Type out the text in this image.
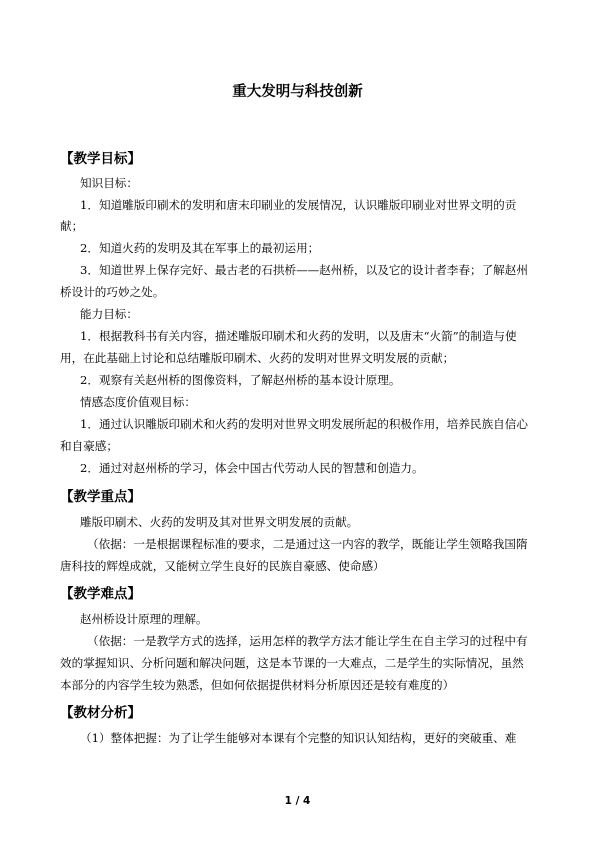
重大发明与科技创新
【教学目标】
知识目标：
1．知道雕版印刷术的发明和唐末印刷业的发展情况，认识雕版印刷业对世界文明的贡
献；
2．知道火药的发明及其在军事上的最初运用；
3．知道世界上保存完好、最古老的石拱桥——赵州桥，以及它的设计者李春；了解赵州
桥设计的巧妙之处。
能力目标：
1．根据教科书有关内容，描述雕版印刷术和火药的发明，以及唐末“火箭”的制造与使
用，在此基础上讨论和总结雕版印刷术、火药的发明对世界文明发展的贡献；
2．观察有关赵州桥的图像资料，了解赵州桥的基本设计原理。
情感态度价值观目标：
1．通过认识雕版印刷术和火药的发明对世界文明发展所起的积极作用，培养民族自信心
和自豪感；
2．通过对赵州桥的学习，体会中国古代劳动人民的智慧和创造力。
【教学重点】
雕版印刷术、火药的发明及其对世界文明发展的贡献。
（依据：一是根据课程标准的要求，二是通过这一内容的教学，既能让学生领略我国隋
唐科技的辉煌成就，又能树立学生良好的民族自豪感、使命感）
【教学难点】
赵州桥设计原理的理解。
（依据：一是教学方式的选择，运用怎样的教学方法才能让学生在自主学习的过程中有
效的掌握知识、分析问题和解决问题，这是本节课的一大难点，二是学生的实际情况，虽然
本部分的内容学生较为熟悉，但如何依据提供材料分析原因还是较有难度的）
【教材分析】
（1）整体把握：为了让学生能够对本课有个完整的知识认知结构，更好的突破重、难
1 / 4
